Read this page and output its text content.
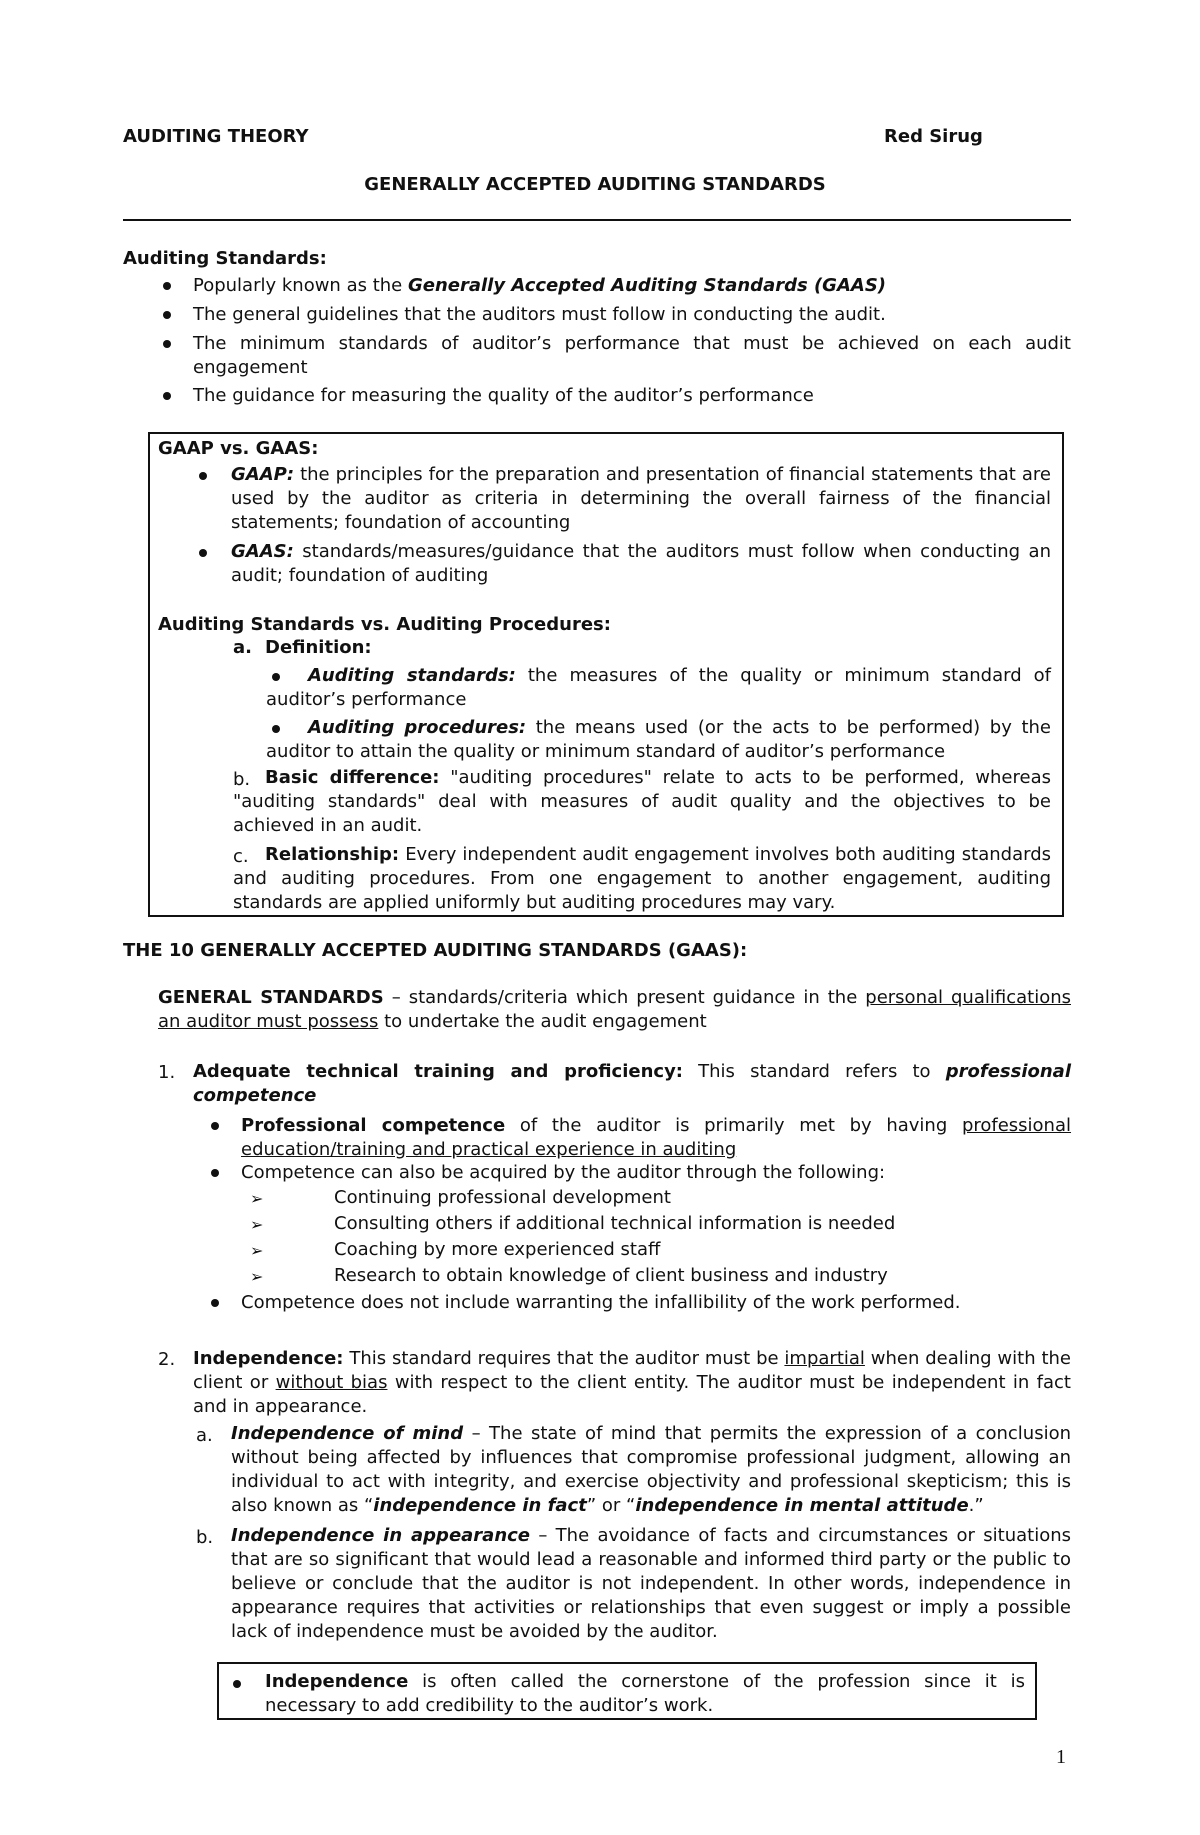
AUDITING THEORY	Red Sirug
GENERALLY ACCEPTED AUDITING STANDARDS
Auditing Standards:
Popularly known as the Generally Accepted Auditing Standards (GAAS)
The general guidelines that the auditors must follow in conducting the audit.
The minimum standards of auditor’s performance that must be achieved on each audit engagement
The guidance for measuring the quality of the auditor’s performance
GAAP vs. GAAS:
GAAP: the principles for the preparation and presentation of financial statements that are used by the auditor as criteria in determining the overall fairness of the financial statements; foundation of accounting
GAAS: standards/measures/guidance that the auditors must follow when conducting an audit; foundation of auditing
Auditing Standards vs. Auditing Procedures:
a. Definition:
Auditing standards: the measures of the quality or minimum standard of auditor’s performance
Auditing procedures: the means used (or the acts to be performed) by the auditor to attain the quality or minimum standard of auditor’s performance
b. Basic difference: "auditing procedures" relate to acts to be performed, whereas "auditing standards" deal with measures of audit quality and the objectives to be achieved in an audit.
c. Relationship: Every independent audit engagement involves both auditing standards and auditing procedures. From one engagement to another engagement, auditing standards are applied uniformly but auditing procedures may vary.
THE 10 GENERALLY ACCEPTED AUDITING STANDARDS (GAAS):
GENERAL STANDARDS – standards/criteria which present guidance in the personal qualifications an auditor must possess to undertake the audit engagement
1. Adequate technical training and proficiency: This standard refers to professional competence
Professional competence of the auditor is primarily met by having professional education/training and practical experience in auditing
Competence can also be acquired by the auditor through the following:
➢	Continuing professional development
➢	Consulting others if additional technical information is needed
➢	Coaching by more experienced staff
➢	Research to obtain knowledge of client business and industry
Competence does not include warranting the infallibility of the work performed.
2. Independence: This standard requires that the auditor must be impartial when dealing with the client or without bias with respect to the client entity. The auditor must be independent in fact and in appearance.
a. Independence of mind – The state of mind that permits the expression of a conclusion without being affected by influences that compromise professional judgment, allowing an individual to act with integrity, and exercise objectivity and professional skepticism; this is also known as “independence in fact” or “independence in mental attitude.”
b. Independence in appearance – The avoidance of facts and circumstances or situations that are so significant that would lead a reasonable and informed third party or the public to believe or conclude that the auditor is not independent. In other words, independence in appearance requires that activities or relationships that even suggest or imply a possible lack of independence must be avoided by the auditor.
Independence is often called the cornerstone of the profession since it is necessary to add credibility to the auditor’s work.
1
